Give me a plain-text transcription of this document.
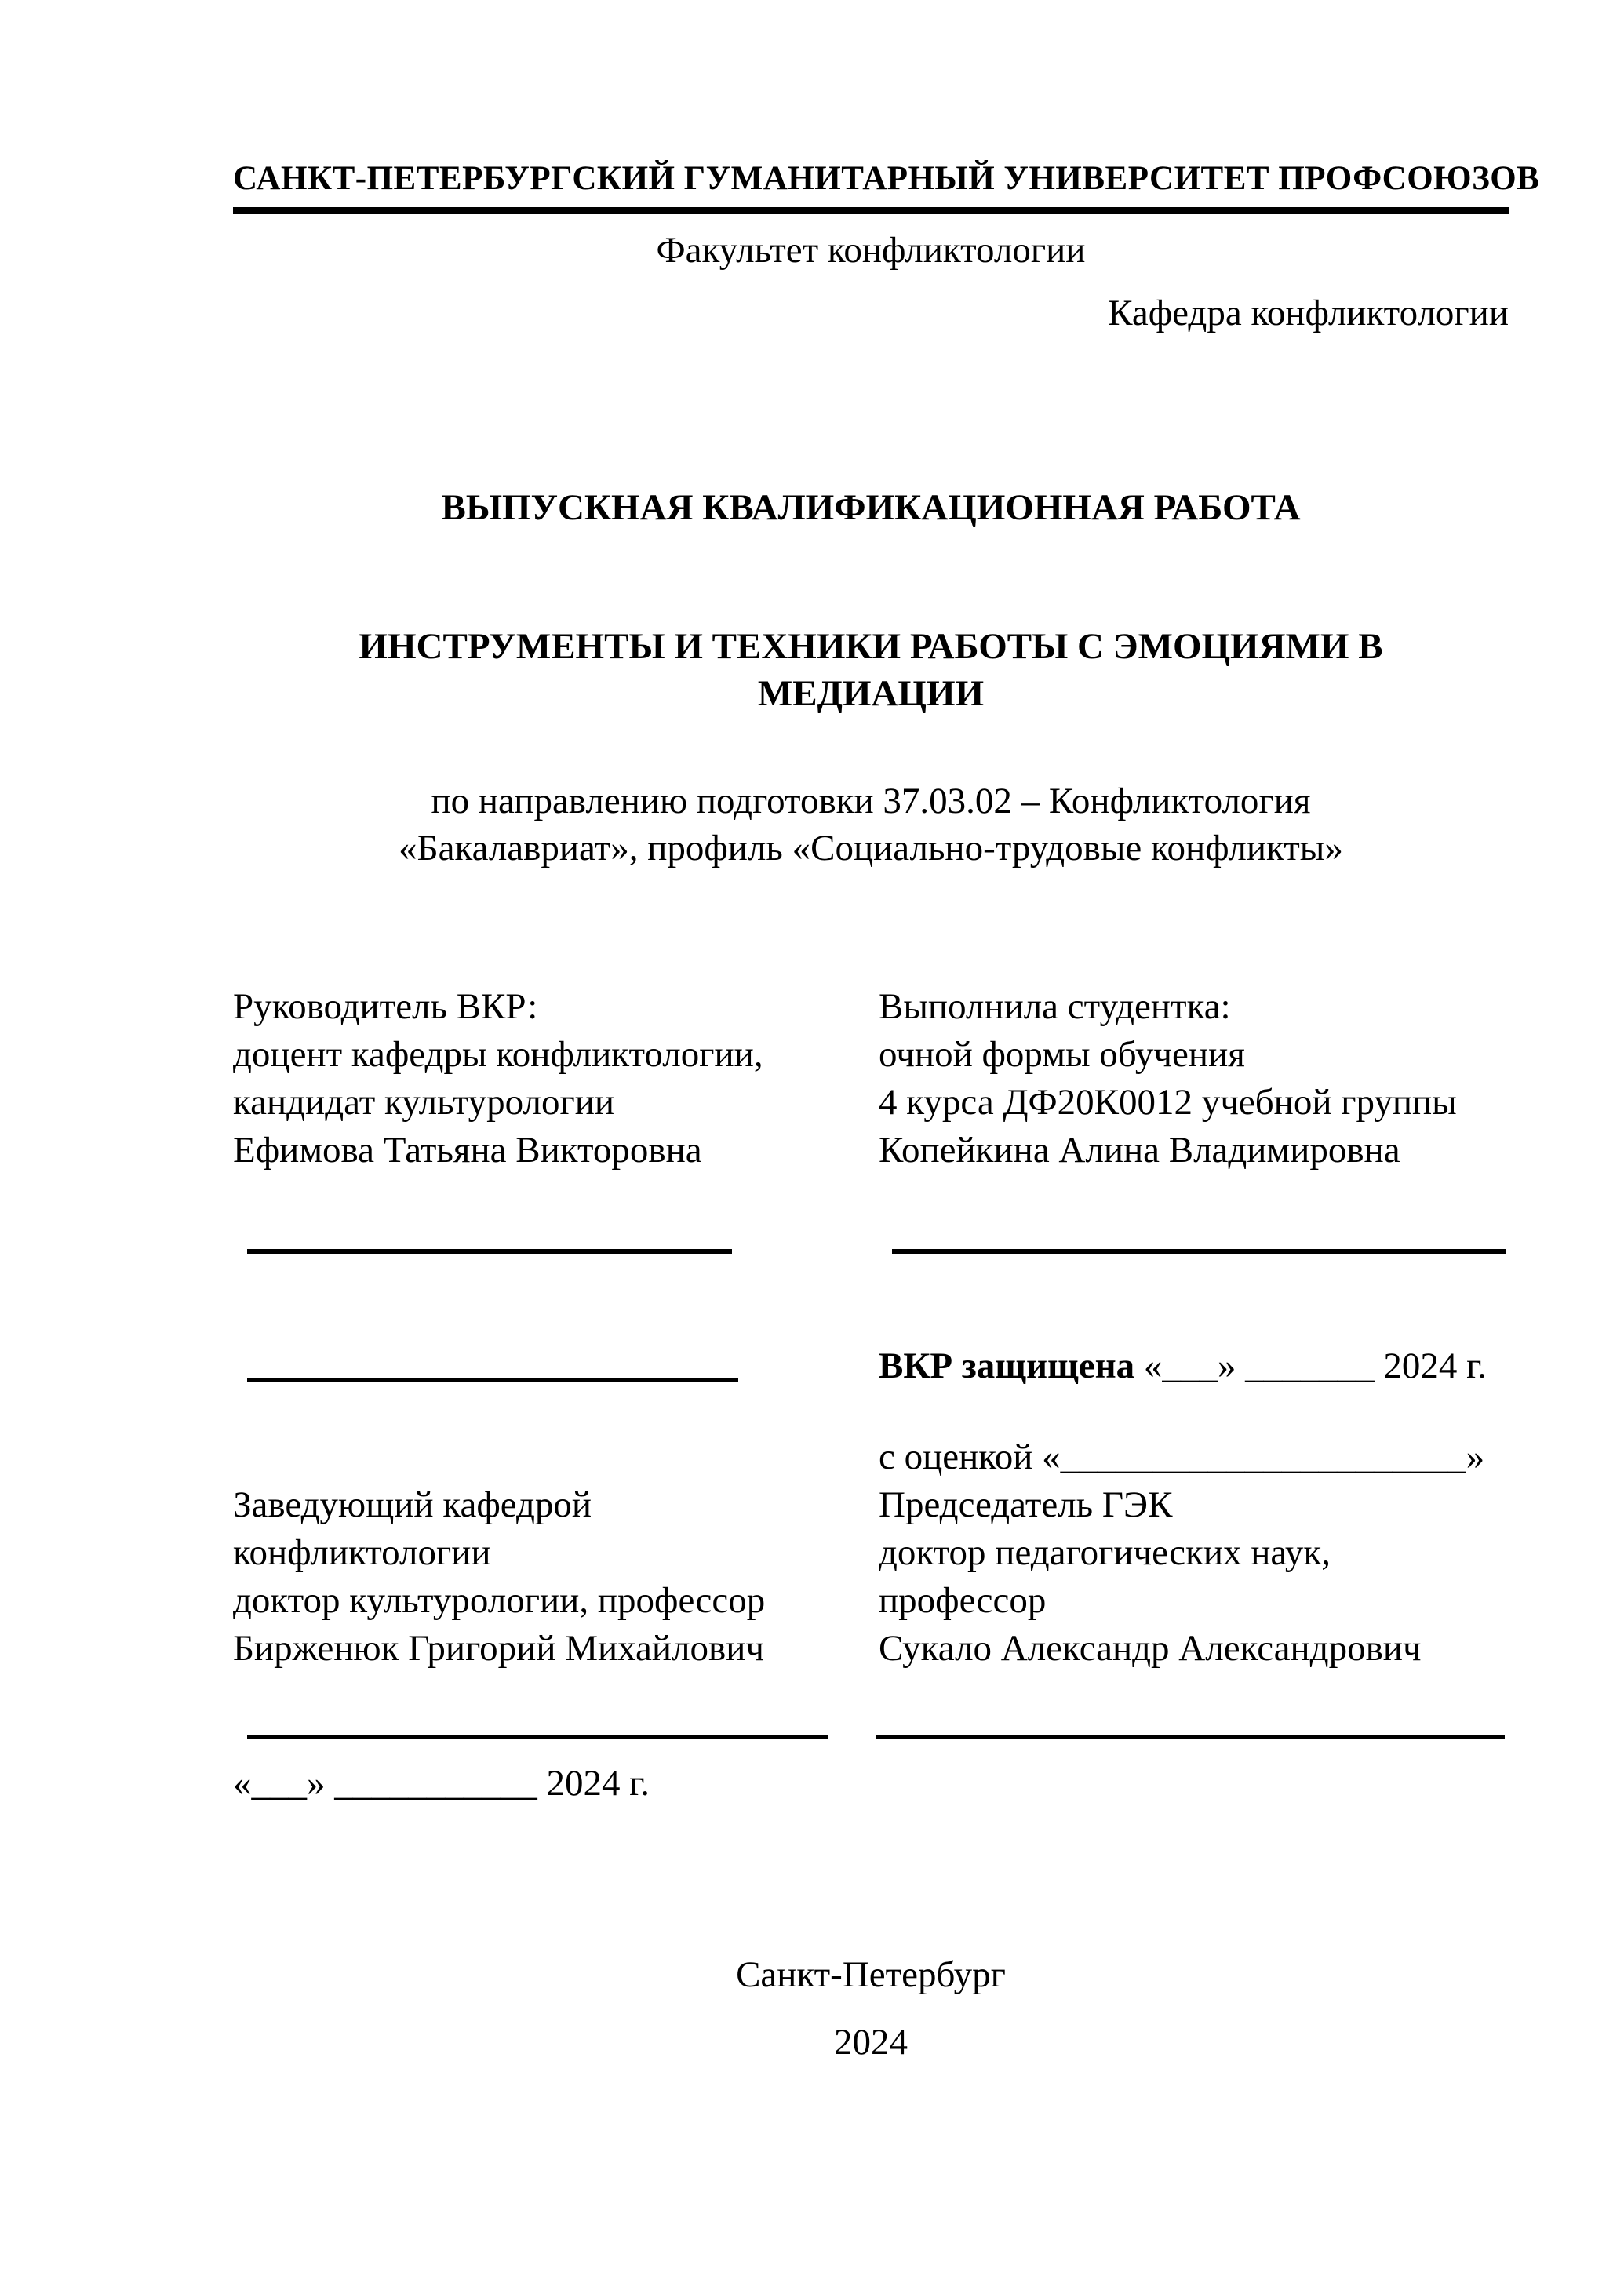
САНКТ-ПЕТЕРБУРГСКИЙ ГУМАНИТАРНЫЙ УНИВЕРСИТЕТ ПРОФСОЮЗОВ
Факультет конфликтологии
Кафедра конфликтологии
ВЫПУСКНАЯ КВАЛИФИКАЦИОННАЯ РАБОТА
ИНСТРУМЕНТЫ И ТЕХНИКИ РАБОТЫ С ЭМОЦИЯМИ В МЕДИАЦИИ
по направлению подготовки 37.03.02 – Конфликтология
«Бакалавриат», профиль «Социально-трудовые конфликты»
Руководитель ВКР:
доцент кафедры конфликтологии,
кандидат культурологии
Ефимова Татьяна Викторовна
Выполнила студентка:
очной формы обучения
4 курса ДФ20К0012 учебной группы
Копейкина Алина Владимировна
ВКР защищена «___» _______ 2024 г.
с оценкой «______________________»
Заведующий кафедрой
конфликтологии
доктор культурологии, профессор
Бирженюк Григорий Михайлович
Председатель ГЭК
доктор педагогических наук,
профессор
Сукало Александр Александрович
«___» ___________ 2024 г.
Санкт-Петербург
2024
